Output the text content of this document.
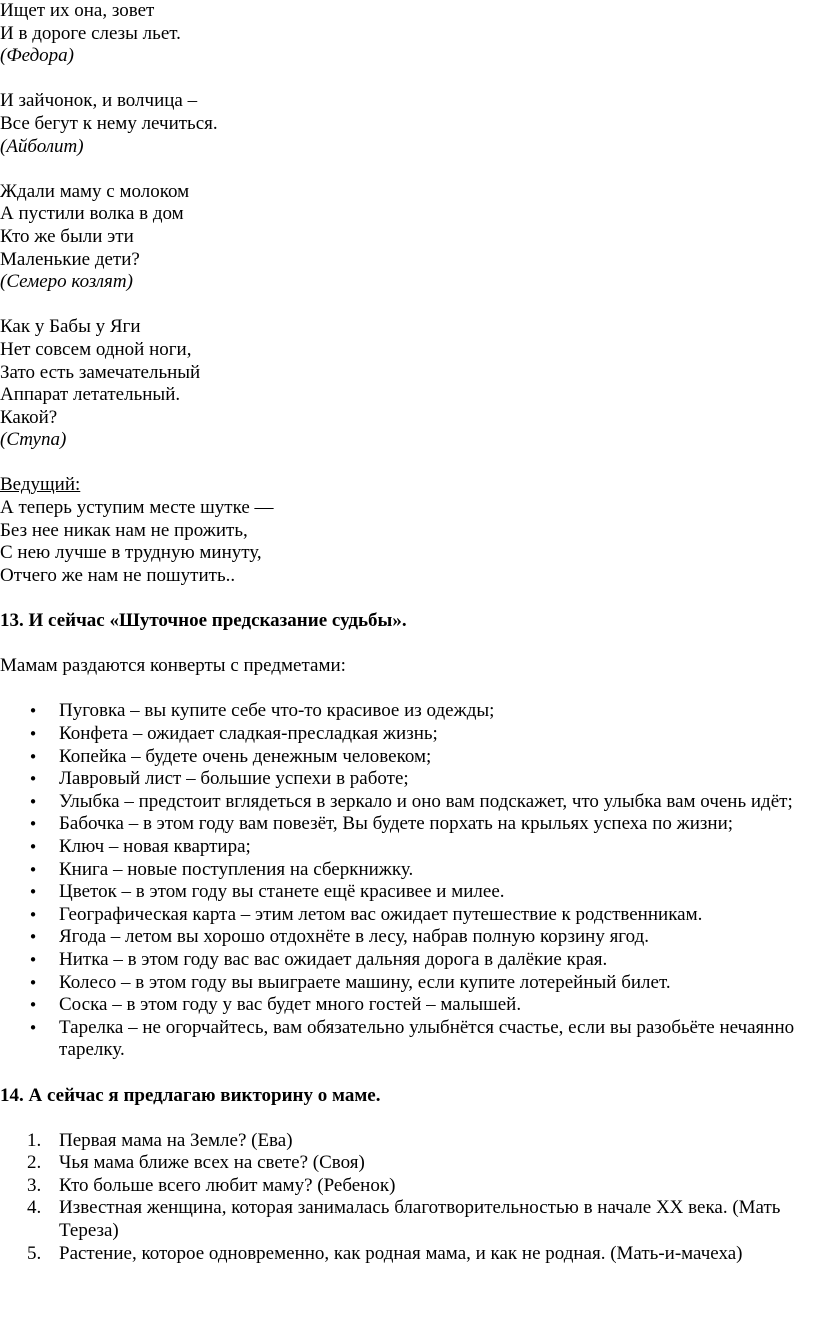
Ищет их она, зовет
И в дороге слезы льет.
(Федора)
И зайчонок, и волчица –
Все бегут к нему лечиться.
(Айболит)
Ждали маму с молоком
А пустили волка в дом
Кто же были эти
Маленькие дети?
(Семеро козлят)
Как у Бабы у Яги
Нет совсем одной ноги,
Зато есть замечательный
Аппарат летательный.
Какой?
(Ступа)
Ведущий:
А теперь уступим месте шутке —
Без нее никак нам не прожить,
С нею лучше в трудную минуту,
Отчего же нам не пошутить..
13. И сейчас «Шуточное предсказание судьбы».
Мамам раздаются конверты с предметами:
• Пуговка – вы купите себе что-то красивое из одежды;
• Конфета – ожидает сладкая-пресладкая жизнь;
• Копейка – будете очень денежным человеком;
• Лавровый лист – большие успехи в работе;
• Улыбка – предстоит вглядеться в зеркало и оно вам подскажет, что улыбка вам очень идёт;
• Бабочка – в этом году вам повезёт, Вы будете порхать на крыльях успеха по жизни;
• Ключ – новая квартира;
• Книга – новые поступления на сберкнижку.
• Цветок – в этом году вы станете ещё красивее и милее.
• Географическая карта – этим летом вас ожидает путешествие к родственникам.
• Ягода – летом вы хорошо отдохнёте в лесу, набрав полную корзину ягод.
• Нитка – в этом году вас вас ожидает дальняя дорога в далёкие края.
• Колесо – в этом году вы выиграете машину, если купите лотерейный билет.
• Соска – в этом году у вас будет много гостей – малышей.
• Тарелка – не огорчайтесь, вам обязательно улыбнётся счастье, если вы разобьёте нечаянно тарелку.
14. А сейчас я предлагаю викторину о маме.
1. Первая мама на Земле? (Ева)
2. Чья мама ближе всех на свете? (Своя)
3. Кто больше всего любит маму? (Ребенок)
4. Известная женщина, которая занималась благотворительностью в начале XX века. (Мать Тереза)
5. Растение, которое одновременно, как родная мама, и как не родная. (Мать-и-мачеха)
